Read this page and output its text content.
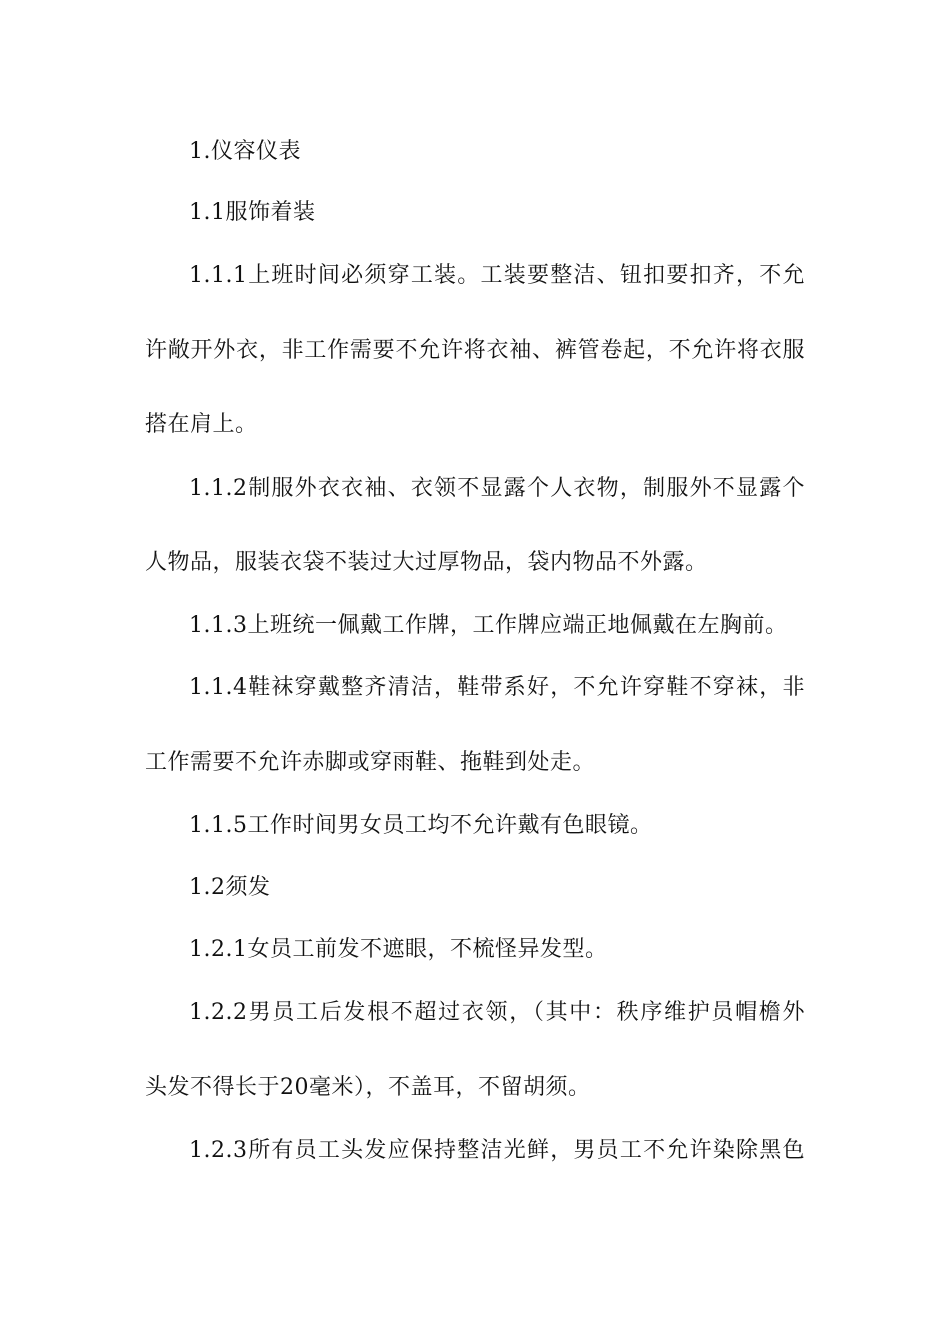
1.仪容仪表
1.1服饰着装
1.1.1上班时间必须穿工装。工装要整洁、钮扣要扣齐，不允
许敞开外衣，非工作需要不允许将衣袖、裤管卷起，不允许将衣服
搭在肩上。
1.1.2制服外衣衣袖、衣领不显露个人衣物，制服外不显露个
人物品，服装衣袋不装过大过厚物品，袋内物品不外露。
1.1.3上班统一佩戴工作牌，工作牌应端正地佩戴在左胸前。
1.1.4鞋袜穿戴整齐清洁，鞋带系好，不允许穿鞋不穿袜，非
工作需要不允许赤脚或穿雨鞋、拖鞋到处走。
1.1.5工作时间男女员工均不允许戴有色眼镜。
1.2须发
1.2.1女员工前发不遮眼，不梳怪异发型。
1.2.2男员工后发根不超过衣领，（其中：秩序维护员帽檐外
头发不得长于20毫米），不盖耳，不留胡须。
1.2.3所有员工头发应保持整洁光鲜，男员工不允许染除黑色
